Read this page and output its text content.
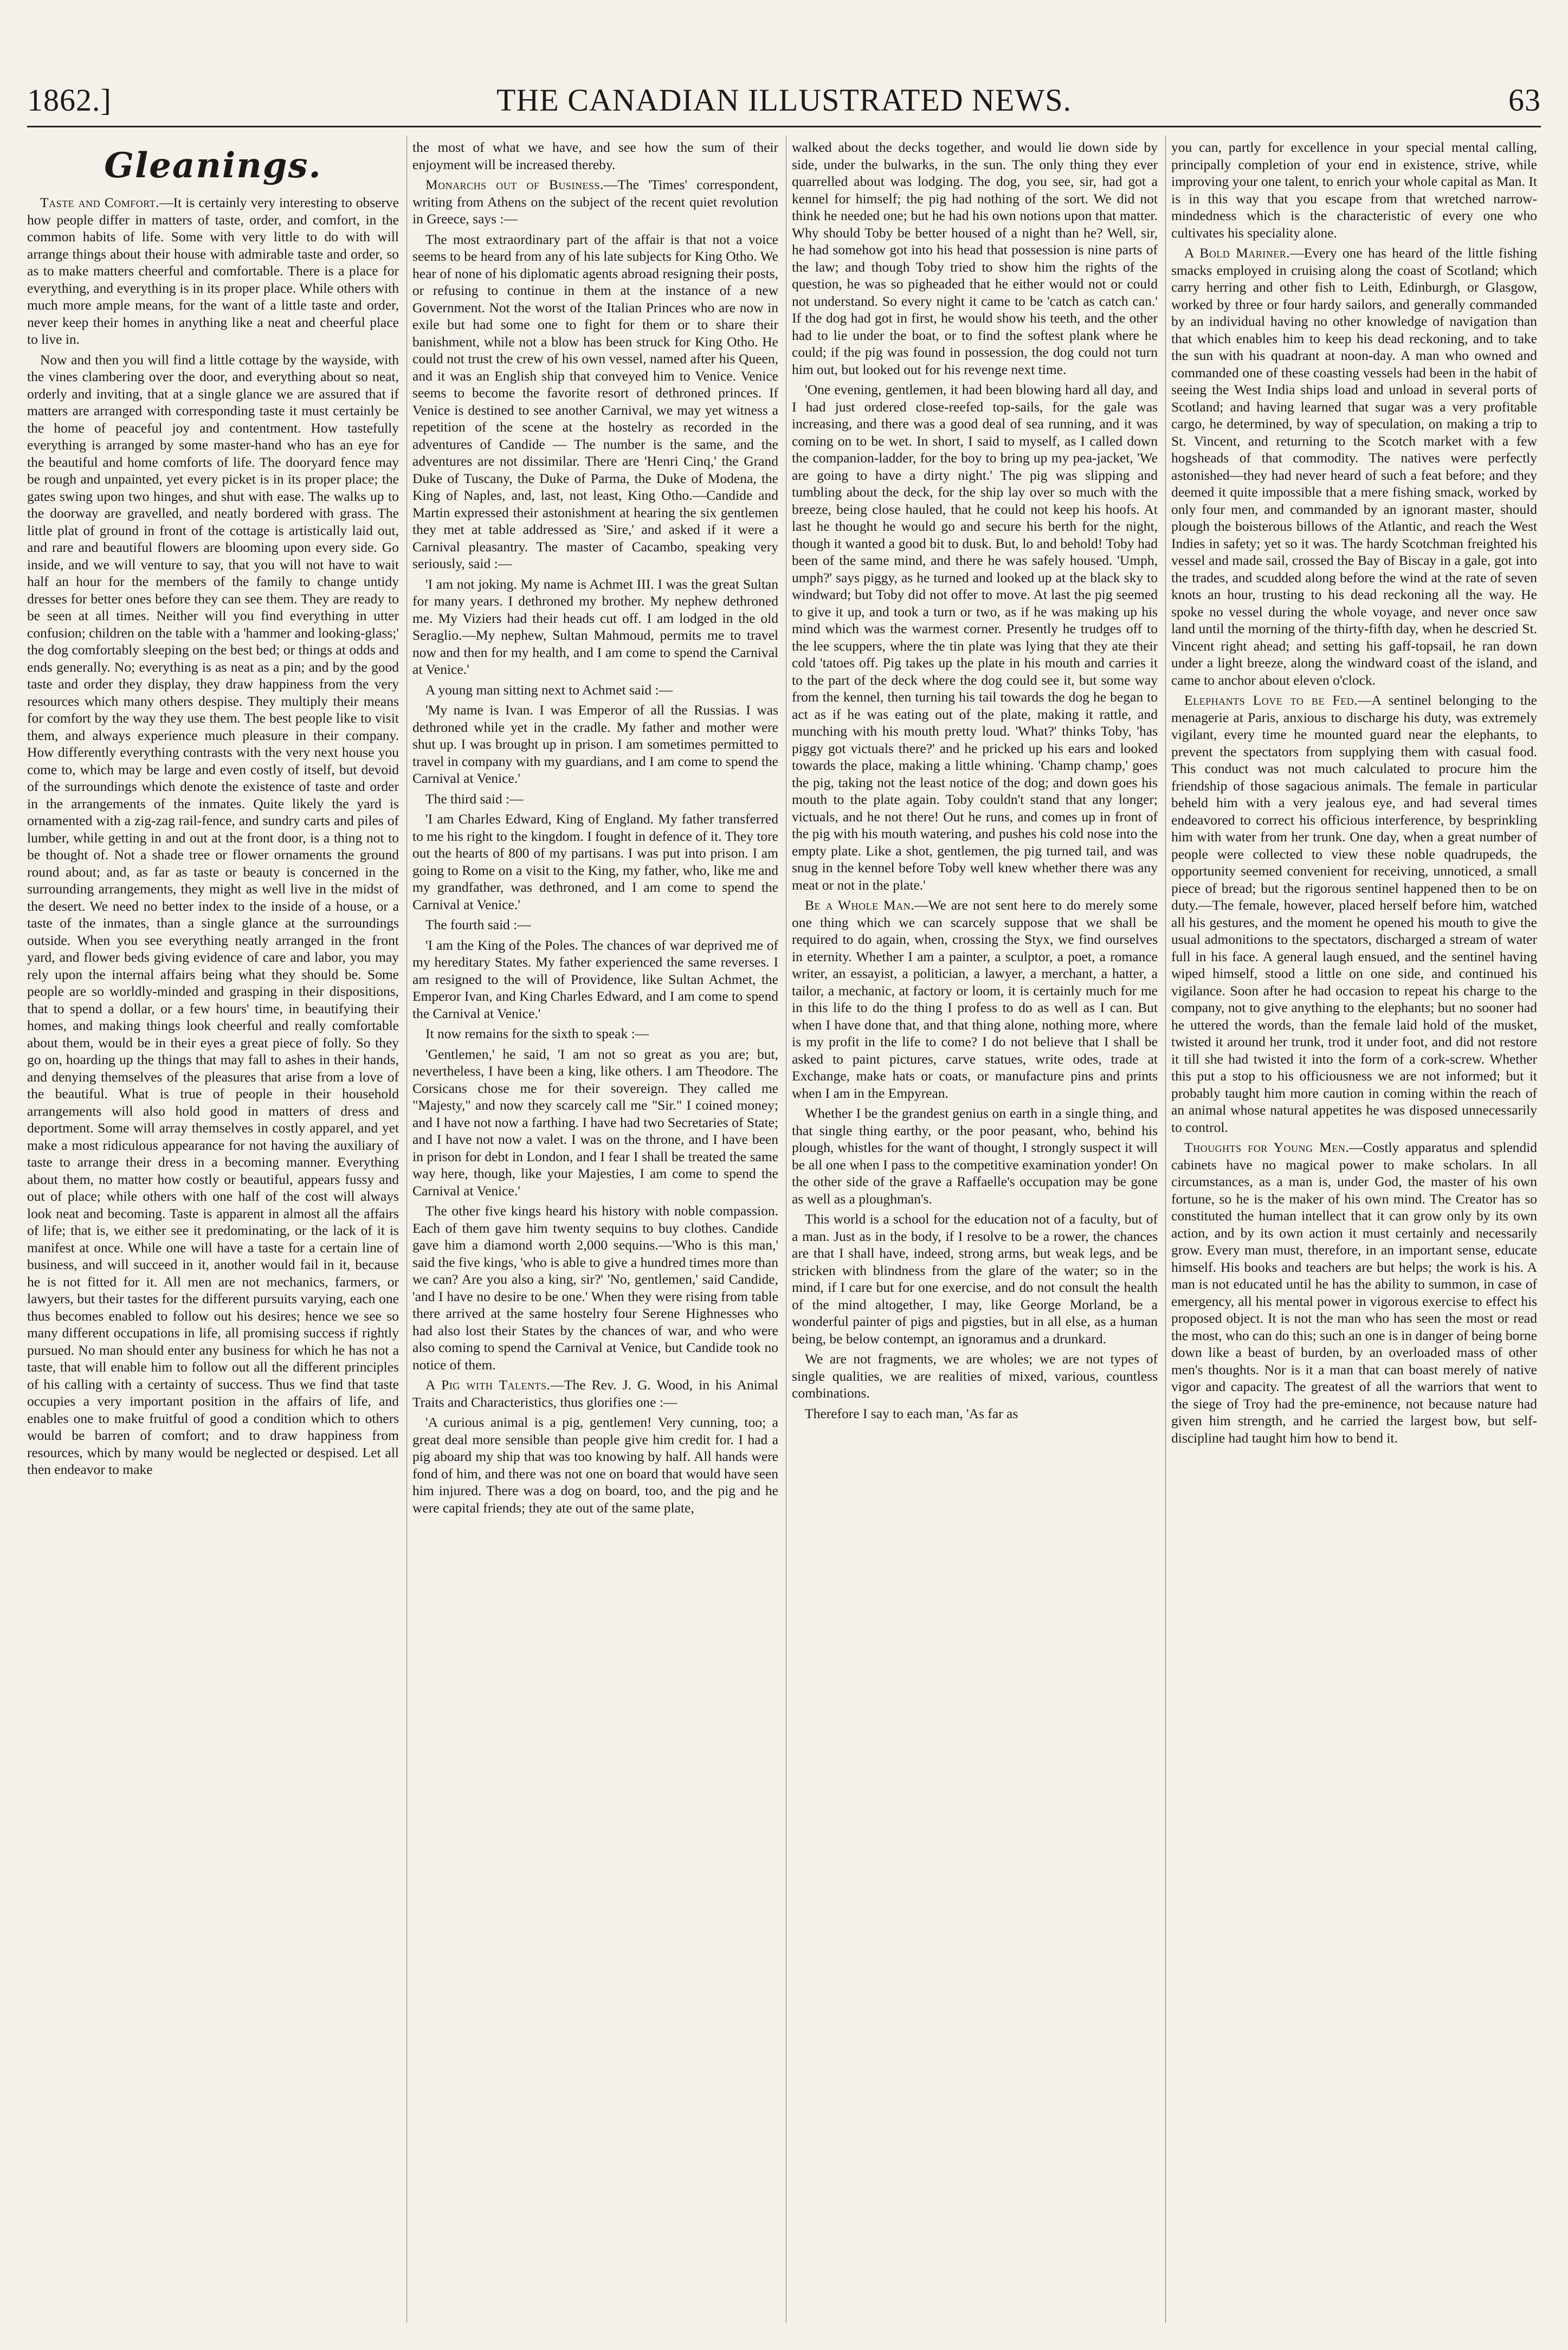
1862.]	THE CANADIAN ILLUSTRATED NEWS.	63
Gleanings.

Taste and Comfort.—It is certainly very interesting to observe how people differ in matters of taste, order, and comfort, in the common habits of life. Some with very little to do with will arrange things about their house with admirable taste and order, so as to make matters cheerful and comfortable. There is a place for everything, and everything is in its proper place. While others with much more ample means, for the want of a little taste and order, never keep their homes in anything like a neat and cheerful place to live in.

Now and then you will find a little cottage by the wayside, with the vines clambering over the door, and everything about so neat, orderly and inviting, that at a single glance we are assured that if matters are arranged with corresponding taste it must certainly be the home of peaceful joy and contentment. How tastefully everything is arranged by some master-hand who has an eye for the beautiful and home comforts of life. The dooryard fence may be rough and unpainted, yet every picket is in its proper place; the gates swing upon two hinges, and shut with ease. The walks up to the doorway are gravelled, and neatly bordered with grass. The little plat of ground in front of the cottage is artistically laid out, and rare and beautiful flowers are blooming upon every side. Go inside, and we will venture to say, that you will not have to wait half an hour for the members of the family to change untidy dresses for better ones before they can see them. They are ready to be seen at all times. Neither will you find everything in utter confusion; children on the table with a 'hammer and looking-glass;' the dog comfortably sleeping on the best bed; or things at odds and ends generally. No; everything is as neat as a pin; and by the good taste and order they display, they draw happiness from the very resources which many others despise. They multiply their means for comfort by the way they use them. The best people like to visit them, and always experience much pleasure in their company. How differently everything contrasts with the very next house you come to, which may be large and even costly of itself, but devoid of the surroundings which denote the existence of taste and order in the arrangements of the inmates. Quite likely the yard is ornamented with a zig-zag rail-fence, and sundry carts and piles of lumber, while getting in and out at the front door, is a thing not to be thought of. Not a shade tree or flower ornaments the ground round about; and, as far as taste or beauty is concerned in the surrounding arrangements, they might as well live in the midst of the desert. We need no better index to the inside of a house, or a taste of the inmates, than a single glance at the surroundings outside. When you see everything neatly arranged in the front yard, and flower beds giving evidence of care and labor, you may rely upon the internal affairs being what they should be. Some people are so worldly-minded and grasping in their dispositions, that to spend a dollar, or a few hours' time, in beautifying their homes, and making things look cheerful and really comfortable about them, would be in their eyes a great piece of folly. So they go on, hoarding up the things that may fall to ashes in their hands, and denying themselves of the pleasures that arise from a love of the beautiful. What is true of people in their household arrangements will also hold good in matters of dress and deportment. Some will array themselves in costly apparel, and yet make a most ridiculous appearance for not having the auxiliary of taste to arrange their dress in a becoming manner. Everything about them, no matter how costly or beautiful, appears fussy and out of place; while others with one half of the cost will always look neat and becoming. Taste is apparent in almost all the affairs of life; that is, we either see it predominating, or the lack of it is manifest at once. While one will have a taste for a certain line of business, and will succeed in it, another would fail in it, because he is not fitted for it. All men are not mechanics, farmers, or lawyers, but their tastes for the different pursuits varying, each one thus becomes enabled to follow out his desires; hence we see so many different occupations in life, all promising success if rightly pursued. No man should enter any business for which he has not a taste, that will enable him to follow out all the different principles of his calling with a certainty of success. Thus we find that taste occupies a very important position in the affairs of life, and enables one to make fruitful of good a condition which to others would be barren of comfort; and to draw happiness from resources, which by many would be neglected or despised. Let all then endeavor to make

the most of what we have, and see how the sum of their enjoyment will be increased thereby.

Monarchs out of Business.—The 'Times' correspondent, writing from Athens on the subject of the recent quiet revolution in Greece, says :—

The most extraordinary part of the affair is that not a voice seems to be heard from any of his late subjects for King Otho. We hear of none of his diplomatic agents abroad resigning their posts, or refusing to continue in them at the instance of a new Government. Not the worst of the Italian Princes who are now in exile but had some one to fight for them or to share their banishment, while not a blow has been struck for King Otho. He could not trust the crew of his own vessel, named after his Queen, and it was an English ship that conveyed him to Venice. Venice seems to become the favorite resort of dethroned princes. If Venice is destined to see another Carnival, we may yet witness a repetition of the scene at the hostelry as recorded in the adventures of Candide — The number is the same, and the adventures are not dissimilar. There are 'Henri Cinq,' the Grand Duke of Tuscany, the Duke of Parma, the Duke of Modena, the King of Naples, and, last, not least, King Otho.—Candide and Martin expressed their astonishment at hearing the six gentlemen they met at table addressed as 'Sire,' and asked if it were a Carnival pleasantry. The master of Cacambo, speaking very seriously, said :—

'I am not joking. My name is Achmet III. I was the great Sultan for many years. I dethroned my brother. My nephew dethroned me. My Viziers had their heads cut off. I am lodged in the old Seraglio.—My nephew, Sultan Mahmoud, permits me to travel now and then for my health, and I am come to spend the Carnival at Venice.'

A young man sitting next to Achmet said :—

'My name is Ivan. I was Emperor of all the Russias. I was dethroned while yet in the cradle. My father and mother were shut up. I was brought up in prison. I am sometimes permitted to travel in company with my guardians, and I am come to spend the Carnival at Venice.'

The third said :—

'I am Charles Edward, King of England. My father transferred to me his right to the kingdom. I fought in defence of it. They tore out the hearts of 800 of my partisans. I was put into prison. I am going to Rome on a visit to the King, my father, who, like me and my grandfather, was dethroned, and I am come to spend the Carnival at Venice.'

The fourth said :—

'I am the King of the Poles. The chances of war deprived me of my hereditary States. My father experienced the same reverses. I am resigned to the will of Providence, like Sultan Achmet, the Emperor Ivan, and King Charles Edward, and I am come to spend the Carnival at Venice.'

It now remains for the sixth to speak :—

'Gentlemen,' he said, 'I am not so great as you are; but, nevertheless, I have been a king, like others. I am Theodore. The Corsicans chose me for their sovereign. They called me "Majesty," and now they scarcely call me "Sir." I coined money; and I have not now a farthing. I have had two Secretaries of State; and I have not now a valet. I was on the throne, and I have been in prison for debt in London, and I fear I shall be treated the same way here, though, like your Majesties, I am come to spend the Carnival at Venice.'

The other five kings heard his history with noble compassion. Each of them gave him twenty sequins to buy clothes. Candide gave him a diamond worth 2,000 sequins.—'Who is this man,' said the five kings, 'who is able to give a hundred times more than we can? Are you also a king, sir?' 'No, gentlemen,' said Candide, 'and I have no desire to be one.' When they were rising from table there arrived at the same hostelry four Serene Highnesses who had also lost their States by the chances of war, and who were also coming to spend the Carnival at Venice, but Candide took no notice of them.

A Pig with Talents.—The Rev. J. G. Wood, in his Animal Traits and Characteristics, thus glorifies one :—

'A curious animal is a pig, gentlemen! Very cunning, too; a great deal more sensible than people give him credit for. I had a pig aboard my ship that was too knowing by half. All hands were fond of him, and there was not one on board that would have seen him injured. There was a dog on board, too, and the pig and he were capital friends; they ate out of the same plate,

walked about the decks together, and would lie down side by side, under the bulwarks, in the sun. The only thing they ever quarrelled about was lodging. The dog, you see, sir, had got a kennel for himself; the pig had nothing of the sort. We did not think he needed one; but he had his own notions upon that matter. Why should Toby be better housed of a night than he? Well, sir, he had somehow got into his head that possession is nine parts of the law; and though Toby tried to show him the rights of the question, he was so pigheaded that he either would not or could not understand. So every night it came to be 'catch as catch can.' If the dog had got in first, he would show his teeth, and the other had to lie under the boat, or to find the softest plank where he could; if the pig was found in possession, the dog could not turn him out, but looked out for his revenge next time.

'One evening, gentlemen, it had been blowing hard all day, and I had just ordered close-reefed top-sails, for the gale was increasing, and there was a good deal of sea running, and it was coming on to be wet. In short, I said to myself, as I called down the companion-ladder, for the boy to bring up my pea-jacket, 'We are going to have a dirty night.' The pig was slipping and tumbling about the deck, for the ship lay over so much with the breeze, being close hauled, that he could not keep his hoofs. At last he thought he would go and secure his berth for the night, though it wanted a good bit to dusk. But, lo and behold! Toby had been of the same mind, and there he was safely housed. 'Umph, umph?' says piggy, as he turned and looked up at the black sky to windward; but Toby did not offer to move. At last the pig seemed to give it up, and took a turn or two, as if he was making up his mind which was the warmest corner. Presently he trudges off to the lee scuppers, where the tin plate was lying that they ate their cold 'tatoes off. Pig takes up the plate in his mouth and carries it to the part of the deck where the dog could see it, but some way from the kennel, then turning his tail towards the dog he began to act as if he was eating out of the plate, making it rattle, and munching with his mouth pretty loud. 'What?' thinks Toby, 'has piggy got victuals there?' and he pricked up his ears and looked towards the place, making a little whining. 'Champ champ,' goes the pig, taking not the least notice of the dog; and down goes his mouth to the plate again. Toby couldn't stand that any longer; victuals, and he not there! Out he runs, and comes up in front of the pig with his mouth watering, and pushes his cold nose into the empty plate. Like a shot, gentlemen, the pig turned tail, and was snug in the kennel before Toby well knew whether there was any meat or not in the plate.'

Be a Whole Man.—We are not sent here to do merely some one thing which we can scarcely suppose that we shall be required to do again, when, crossing the Styx, we find ourselves in eternity. Whether I am a painter, a sculptor, a poet, a romance writer, an essayist, a politician, a lawyer, a merchant, a hatter, a tailor, a mechanic, at factory or loom, it is certainly much for me in this life to do the thing I profess to do as well as I can. But when I have done that, and that thing alone, nothing more, where is my profit in the life to come? I do not believe that I shall be asked to paint pictures, carve statues, write odes, trade at Exchange, make hats or coats, or manufacture pins and prints when I am in the Empyrean.

Whether I be the grandest genius on earth in a single thing, and that single thing earthy, or the poor peasant, who, behind his plough, whistles for the want of thought, I strongly suspect it will be all one when I pass to the competitive examination yonder! On the other side of the grave a Raffaelle's occupation may be gone as well as a ploughman's.

This world is a school for the education not of a faculty, but of a man. Just as in the body, if I resolve to be a rower, the chances are that I shall have, indeed, strong arms, but weak legs, and be stricken with blindness from the glare of the water; so in the mind, if I care but for one exercise, and do not consult the health of the mind altogether, I may, like George Morland, be a wonderful painter of pigs and pigsties, but in all else, as a human being, be below contempt, an ignoramus and a drunkard.

We are not fragments, we are wholes; we are not types of single qualities, we are realities of mixed, various, countless combinations.

Therefore I say to each man, 'As far as

you can, partly for excellence in your special mental calling, principally completion of your end in existence, strive, while improving your one talent, to enrich your whole capital as Man. It is in this way that you escape from that wretched narrow-mindedness which is the characteristic of every one who cultivates his speciality alone.

A Bold Mariner.—Every one has heard of the little fishing smacks employed in cruising along the coast of Scotland; which carry herring and other fish to Leith, Edinburgh, or Glasgow, worked by three or four hardy sailors, and generally commanded by an individual having no other knowledge of navigation than that which enables him to keep his dead reckoning, and to take the sun with his quadrant at noon-day. A man who owned and commanded one of these coasting vessels had been in the habit of seeing the West India ships load and unload in several ports of Scotland; and having learned that sugar was a very profitable cargo, he determined, by way of speculation, on making a trip to St. Vincent, and returning to the Scotch market with a few hogsheads of that commodity. The natives were perfectly astonished—they had never heard of such a feat before; and they deemed it quite impossible that a mere fishing smack, worked by only four men, and commanded by an ignorant master, should plough the boisterous billows of the Atlantic, and reach the West Indies in safety; yet so it was. The hardy Scotchman freighted his vessel and made sail, crossed the Bay of Biscay in a gale, got into the trades, and scudded along before the wind at the rate of seven knots an hour, trusting to his dead reckoning all the way. He spoke no vessel during the whole voyage, and never once saw land until the morning of the thirty-fifth day, when he descried St. Vincent right ahead; and setting his gaff-topsail, he ran down under a light breeze, along the windward coast of the island, and came to anchor about eleven o'clock.

Elephants Love to be Fed.—A sentinel belonging to the menagerie at Paris, anxious to discharge his duty, was extremely vigilant, every time he mounted guard near the elephants, to prevent the spectators from supplying them with casual food. This conduct was not much calculated to procure him the friendship of those sagacious animals. The female in particular beheld him with a very jealous eye, and had several times endeavored to correct his officious interference, by besprinkling him with water from her trunk. One day, when a great number of people were collected to view these noble quadrupeds, the opportunity seemed convenient for receiving, unnoticed, a small piece of bread; but the rigorous sentinel happened then to be on duty.—The female, however, placed herself before him, watched all his gestures, and the moment he opened his mouth to give the usual admonitions to the spectators, discharged a stream of water full in his face. A general laugh ensued, and the sentinel having wiped himself, stood a little on one side, and continued his vigilance. Soon after he had occasion to repeat his charge to the company, not to give anything to the elephants; but no sooner had he uttered the words, than the female laid hold of the musket, twisted it around her trunk, trod it under foot, and did not restore it till she had twisted it into the form of a cork-screw. Whether this put a stop to his officiousness we are not informed; but it probably taught him more caution in coming within the reach of an animal whose natural appetites he was disposed unnecessarily to control.

Thoughts for Young Men.—Costly apparatus and splendid cabinets have no magical power to make scholars. In all circumstances, as a man is, under God, the master of his own fortune, so he is the maker of his own mind. The Creator has so constituted the human intellect that it can grow only by its own action, and by its own action it must certainly and necessarily grow. Every man must, therefore, in an important sense, educate himself. His books and teachers are but helps; the work is his. A man is not educated until he has the ability to summon, in case of emergency, all his mental power in vigorous exercise to effect his proposed object. It is not the man who has seen the most or read the most, who can do this; such an one is in danger of being borne down like a beast of burden, by an overloaded mass of other men's thoughts. Nor is it a man that can boast merely of native vigor and capacity. The greatest of all the warriors that went to the siege of Troy had the pre-eminence, not because nature had given him strength, and he carried the largest bow, but self-discipline had taught him how to bend it.
